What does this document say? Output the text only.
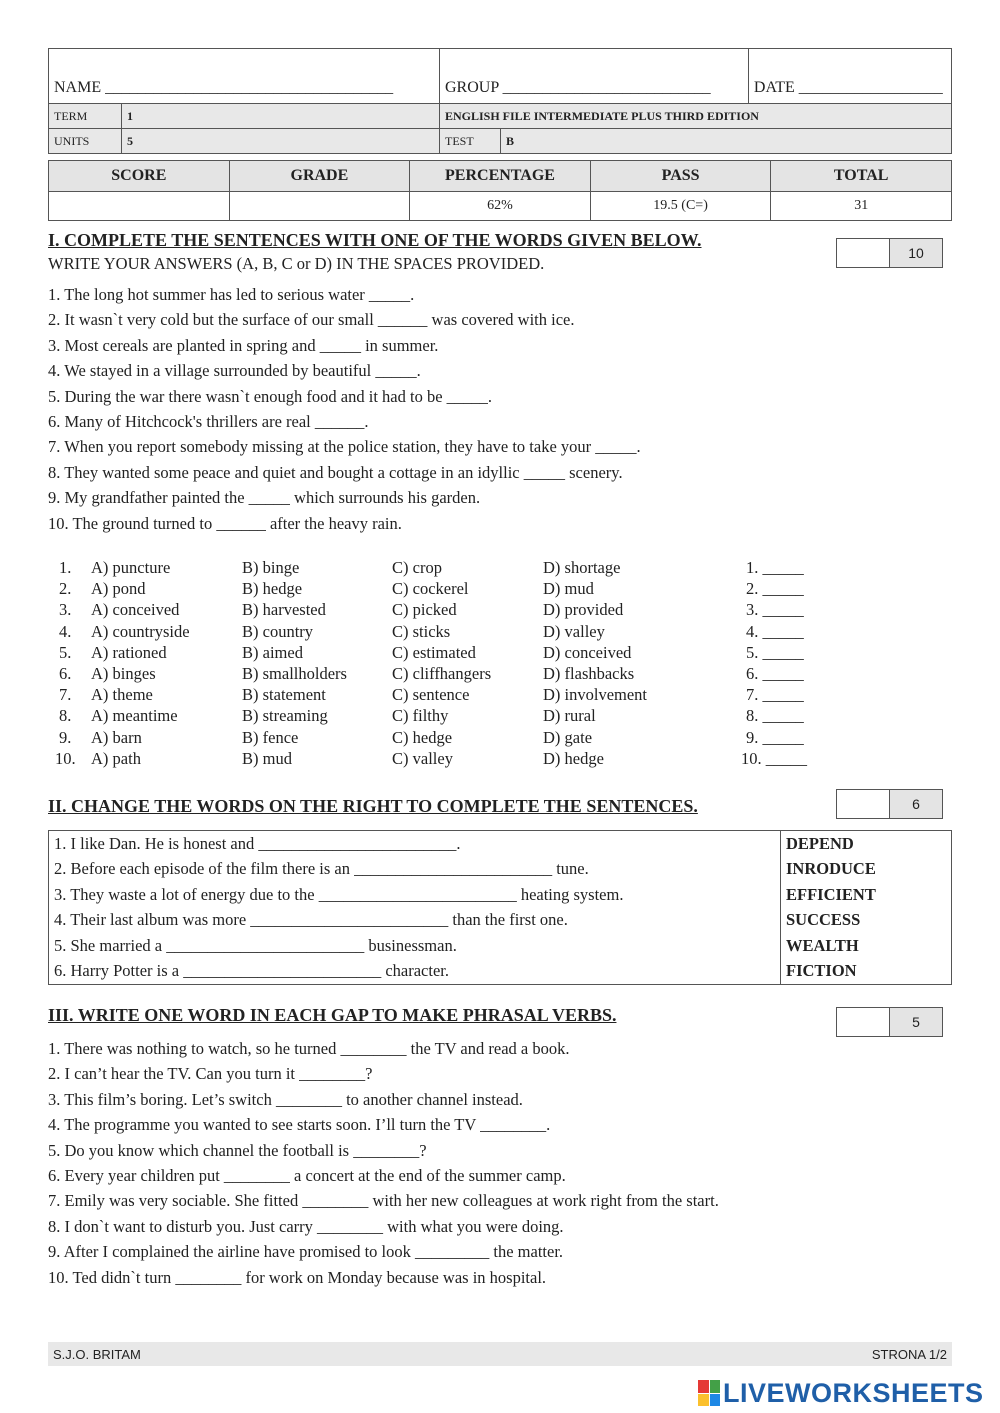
NAME ____________________________________		GROUP __________________________		DATE __________________
TERM	1	ENGLISH FILE INTERMEDIATE PLUS THIRD EDITION		
UNITS	5	TEST	B	
SCORE	GRADE	PERCENTAGE	PASS	TOTAL
		62%	19.5 (C=)	31
I. COMPLETE THE SENTENCES WITH ONE OF THE WORDS GIVEN BELOW.
WRITE YOUR ANSWERS (A, B, C or D) IN THE SPACES PROVIDED.
10
1. The long hot summer has led to serious water _____.
2. It wasn`t very cold but the surface of our small ______ was covered with ice.
3. Most cereals are planted in spring and _____ in summer.
4. We stayed in a village surrounded by beautiful _____.
5. During the war there wasn`t enough food and it had to be _____.
6. Many of Hitchcock's thrillers are real ______.
7. When you report somebody missing at the police station, they have to take your _____.
8. They wanted some peace and quiet and bought a cottage in an idyllic _____ scenery.
9. My grandfather painted the _____ which surrounds his garden.
10. The ground turned to ______ after the heavy rain.
1. A) puncture	B) binge	C) crop	D) shortage	1. _____
2. A) pond	B) hedge	C) cockerel	D) mud	2. _____
3. A) conceived	B) harvested	C) picked	D) provided	3. _____
4. A) countryside	B) country	C) sticks	D) valley	4. _____
5. A) rationed	B) aimed	C) estimated	D) conceived	5. _____
6. A) binges	B) smallholders	C) cliffhangers	D) flashbacks	6. _____
7. A) theme	B) statement	C) sentence	D) involvement	7. _____
8. A) meantime	B) streaming	C) filthy	D) rural	8. _____
9. A) barn	B) fence	C) hedge	D) gate	9. _____
10. A) path	B) mud	C) valley	D) hedge	10. _____
II. CHANGE THE WORDS ON THE RIGHT TO COMPLETE THE SENTENCES.	6
1. I like Dan. He is honest and ________________________.	DEPEND
2. Before each episode of the film there is an ________________________ tune.	INRODUCE
3. They waste a lot of energy due to the ________________________ heating system.	EFFICIENT
4. Their last album was more ________________________ than the first one.	SUCCESS
5. She married a ________________________ businessman.	WEALTH
6. Harry Potter is a ________________________ character.	FICTION
III. WRITE ONE WORD IN EACH GAP TO MAKE PHRASAL VERBS.	5
1. There was nothing to watch, so he turned ________ the TV and read a book.
2. I can’t hear the TV. Can you turn it ________?
3. This film’s boring. Let’s switch ________ to another channel instead.
4. The programme you wanted to see starts soon. I’ll turn the TV ________.
5. Do you know which channel the football is ________?
6. Every year children put ________ a concert at the end of the summer camp.
7. Emily was very sociable. She fitted ________ with her new colleagues at work right from the start.
8. I don`t want to disturb you. Just carry ________ with what you were doing.
9. After I complained the airline have promised to look _________ the matter.
10. Ted didn`t turn ________ for work on Monday because was in hospital.
S.J.O. BRITAM	STRONA 1/2
LIVEWORKSHEETS
